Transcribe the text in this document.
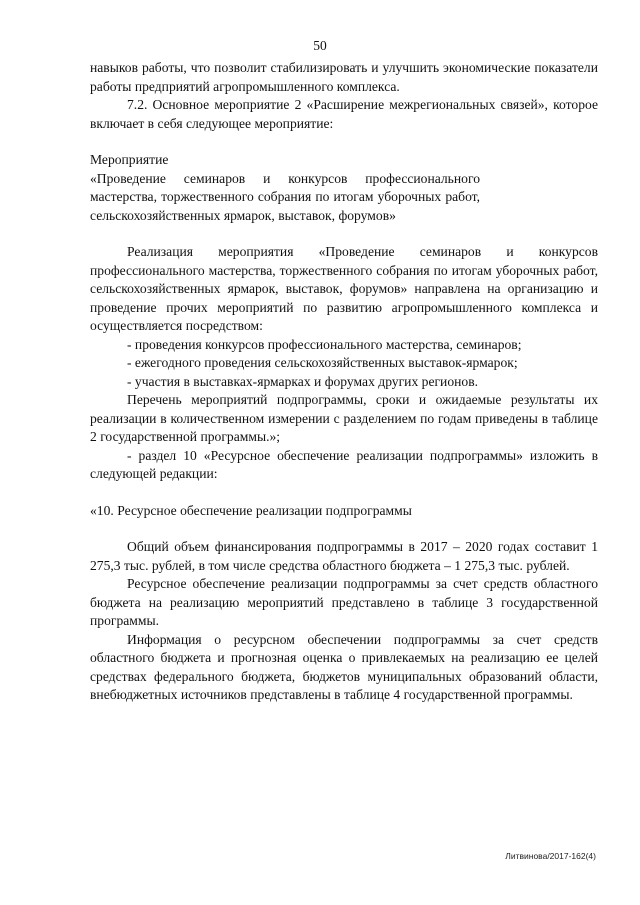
50

навыков работы, что позволит стабилизировать и улучшить экономические показатели работы предприятий агропромышленного комплекса.

7.2. Основное мероприятие 2 «Расширение межрегиональных связей», которое включает в себя следующее мероприятие:

Мероприятие

«Проведение семинаров и конкурсов профессионального мастерства, торжественного собрания по итогам уборочных работ, сельскохозяйственных ярмарок, выставок, форумов»

Реализация мероприятия «Проведение семинаров и конкурсов профессионального мастерства, торжественного собрания по итогам уборочных работ, сельскохозяйственных ярмарок, выставок, форумов» направлена на организацию и проведение прочих мероприятий по развитию агропромышленного комплекса и осуществляется посредством:

- проведения конкурсов профессионального мастерства, семинаров;

- ежегодного проведения сельскохозяйственных выставок-ярмарок;

- участия в выставках-ярмарках и форумах других регионов.

Перечень мероприятий подпрограммы, сроки и ожидаемые результаты их реализации в количественном измерении с разделением по годам приведены в таблице 2 государственной программы.»;

- раздел 10 «Ресурсное обеспечение реализации подпрограммы» изложить в следующей редакции:

«10. Ресурсное обеспечение реализации подпрограммы

Общий объем финансирования подпрограммы в 2017 – 2020 годах составит 1 275,3 тыс. рублей, в том числе средства областного бюджета – 1 275,3 тыс. рублей.

Ресурсное обеспечение реализации подпрограммы за счет средств областного бюджета на реализацию мероприятий представлено в таблице 3 государственной программы.

Информация о ресурсном обеспечении подпрограммы за счет средств областного бюджета и прогнозная оценка о привлекаемых на реализацию ее целей средствах федерального бюджета, бюджетов муниципальных образований области, внебюджетных источников представлены в таблице 4 государственной программы.

Литвинова/2017-162(4)
